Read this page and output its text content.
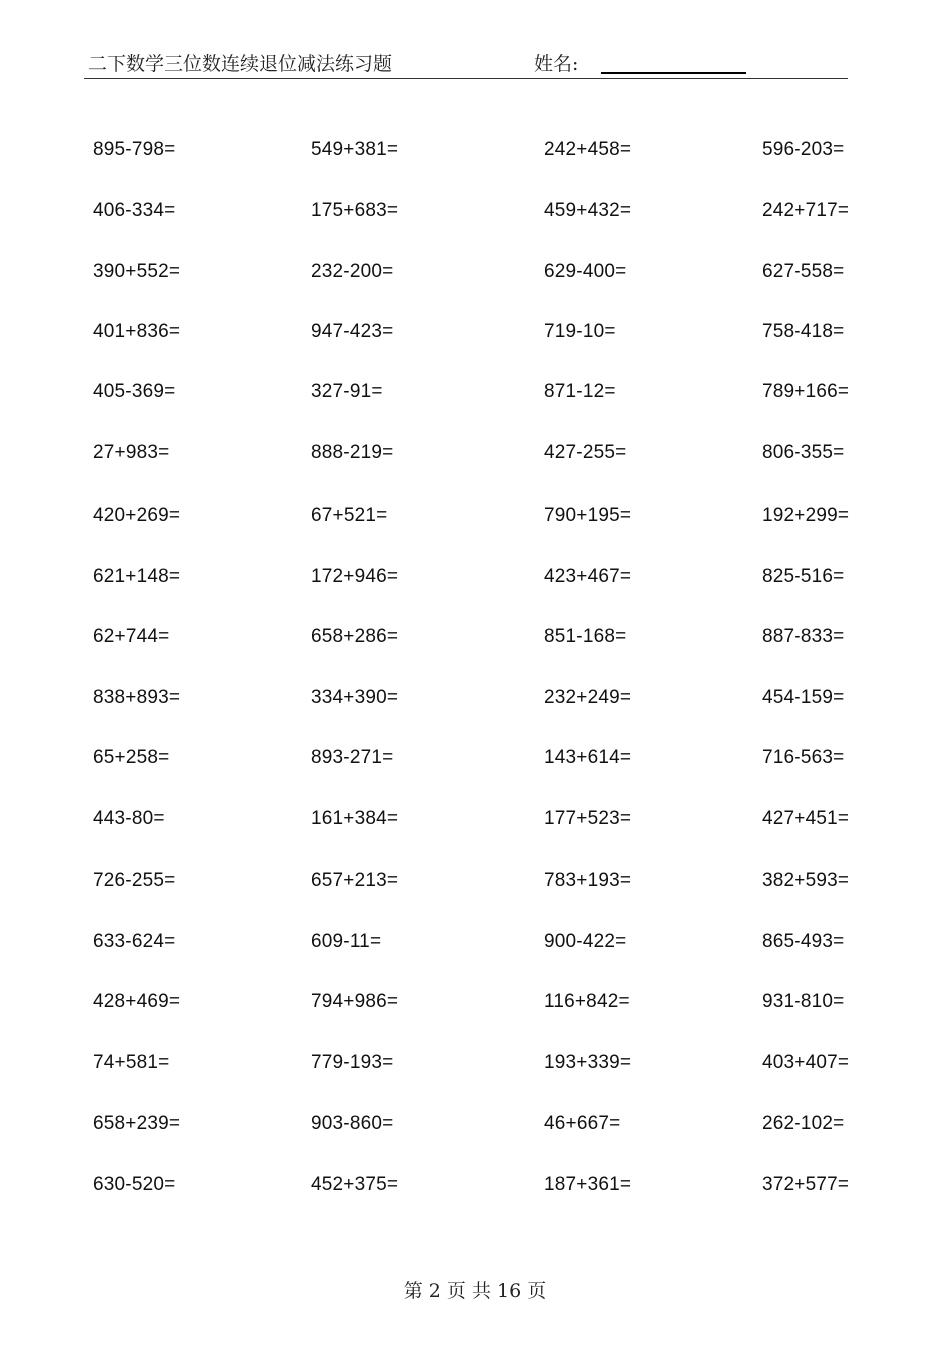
二下数学三位数连续退位减法练习题	姓名:
895-798=	549+381=	242+458=	596-203=
406-334=	175+683=	459+432=	242+717=
390+552=	232-200=	629-400=	627-558=
401+836=	947-423=	719-10=	758-418=
405-369=	327-91=	871-12=	789+166=
27+983=	888-219=	427-255=	806-355=
420+269=	67+521=	790+195=	192+299=
621+148=	172+946=	423+467=	825-516=
62+744=	658+286=	851-168=	887-833=
838+893=	334+390=	232+249=	454-159=
65+258=	893-271=	143+614=	716-563=
443-80=	161+384=	177+523=	427+451=
726-255=	657+213=	783+193=	382+593=
633-624=	609-11=	900-422=	865-493=
428+469=	794+986=	116+842=	931-810=
74+581=	779-193=	193+339=	403+407=
658+239=	903-860=	46+667=	262-102=
630-520=	452+375=	187+361=	372+577=
第 2 页 共 16 页
